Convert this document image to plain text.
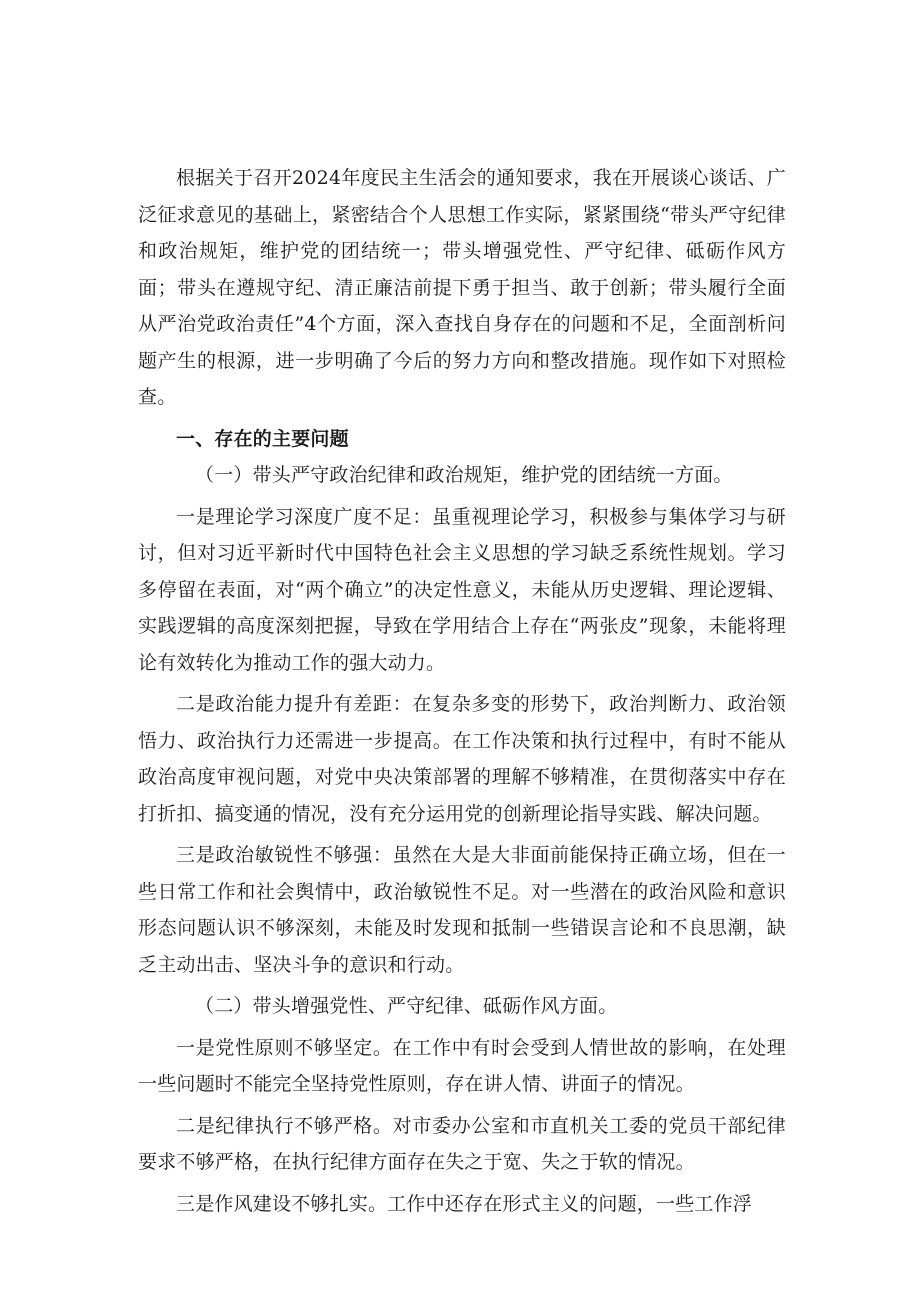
根据关于召开2024年度民主生活会的通知要求，我在开展谈心谈话、广泛征求意见的基础上，紧密结合个人思想工作实际，紧紧围绕“带头严守纪律和政治规矩，维护党的团结统一；带头增强党性、严守纪律、砥砺作风方面；带头在遵规守纪、清正廉洁前提下勇于担当、敢于创新；带头履行全面从严治党政治责任”4个方面，深入查找自身存在的问题和不足，全面剖析问题产生的根源，进一步明确了今后的努力方向和整改措施。现作如下对照检查。

一、存在的主要问题

（一）带头严守政治纪律和政治规矩，维护党的团结统一方面。

一是理论学习深度广度不足：虽重视理论学习，积极参与集体学习与研讨，但对习近平新时代中国特色社会主义思想的学习缺乏系统性规划。学习多停留在表面，对“两个确立”的决定性意义，未能从历史逻辑、理论逻辑、实践逻辑的高度深刻把握，导致在学用结合上存在“两张皮”现象，未能将理论有效转化为推动工作的强大动力。

二是政治能力提升有差距：在复杂多变的形势下，政治判断力、政治领悟力、政治执行力还需进一步提高。在工作决策和执行过程中，有时不能从政治高度审视问题，对党中央决策部署的理解不够精准，在贯彻落实中存在打折扣、搞变通的情况，没有充分运用党的创新理论指导实践、解决问题。

三是政治敏锐性不够强：虽然在大是大非面前能保持正确立场，但在一些日常工作和社会舆情中，政治敏锐性不足。对一些潜在的政治风险和意识形态问题认识不够深刻，未能及时发现和抵制一些错误言论和不良思潮，缺乏主动出击、坚决斗争的意识和行动。

（二）带头增强党性、严守纪律、砥砺作风方面。

一是党性原则不够坚定。在工作中有时会受到人情世故的影响，在处理一些问题时不能完全坚持党性原则，存在讲人情、讲面子的情况。

二是纪律执行不够严格。对市委办公室和市直机关工委的党员干部纪律要求不够严格，在执行纪律方面存在失之于宽、失之于软的情况。

三是作风建设不够扎实。工作中还存在形式主义的问题，一些工作浮
